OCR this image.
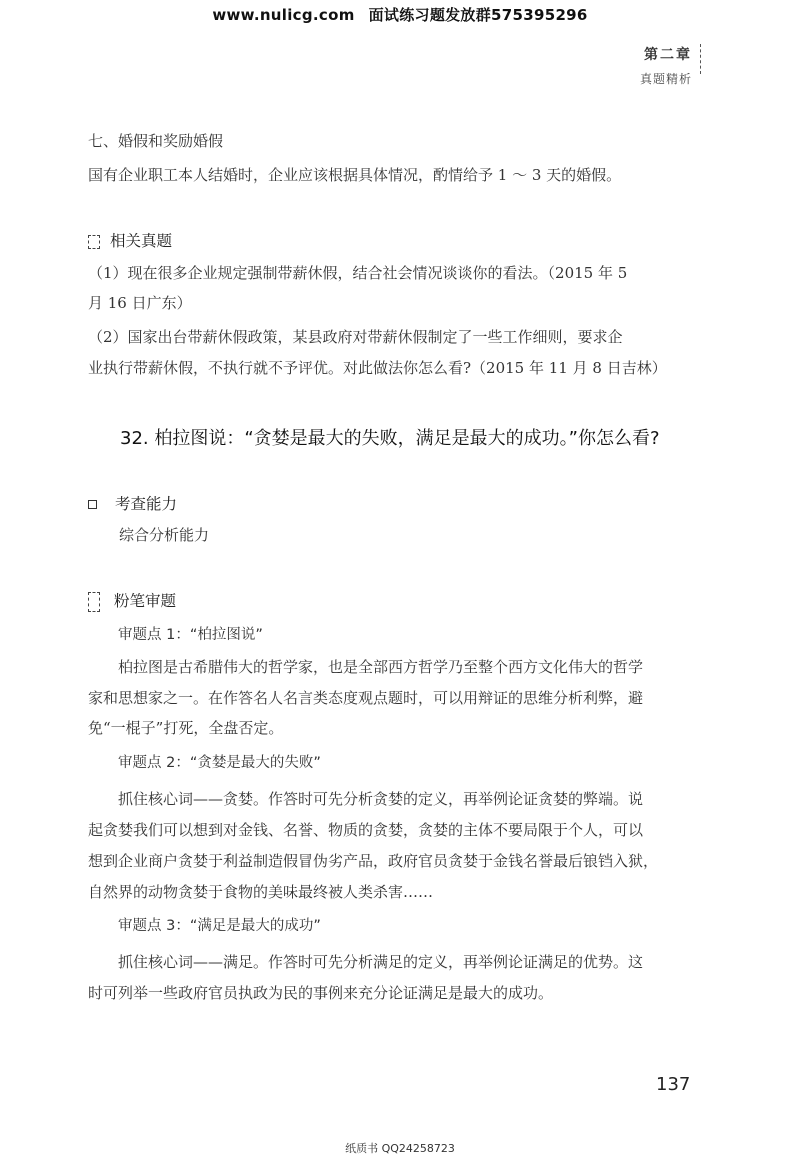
www.nulicg.com 面试练习题发放群575395296
第二章
真题精析
七、婚假和奖励婚假
国有企业职工本人结婚时，企业应该根据具体情况，酌情给予 1 ～ 3 天的婚假。
相关真题
（1）现在很多企业规定强制带薪休假，结合社会情况谈谈你的看法。（2015 年 5
月 16 日广东）
（2）国家出台带薪休假政策，某县政府对带薪休假制定了一些工作细则，要求企
业执行带薪休假，不执行就不予评优。对此做法你怎么看?（2015 年 11 月 8 日吉林）
32. 柏拉图说：“贪婪是最大的失败，满足是最大的成功。”你怎么看?
考查能力
综合分析能力
粉笔审题
审题点 1：“柏拉图说”
柏拉图是古希腊伟大的哲学家，也是全部西方哲学乃至整个西方文化伟大的哲学
家和思想家之一。在作答名人名言类态度观点题时，可以用辩证的思维分析利弊，避
免“一棍子”打死，全盘否定。
审题点 2：“贪婪是最大的失败”
抓住核心词——贪婪。作答时可先分析贪婪的定义，再举例论证贪婪的弊端。说
起贪婪我们可以想到对金钱、名誉、物质的贪婪，贪婪的主体不要局限于个人，可以
想到企业商户贪婪于利益制造假冒伪劣产品，政府官员贪婪于金钱名誉最后锒铛入狱，
自然界的动物贪婪于食物的美味最终被人类杀害……
审题点 3：“满足是最大的成功”
抓住核心词——满足。作答时可先分析满足的定义，再举例论证满足的优势。这
时可列举一些政府官员执政为民的事例来充分论证满足是最大的成功。
137
纸质书 QQ24258723
